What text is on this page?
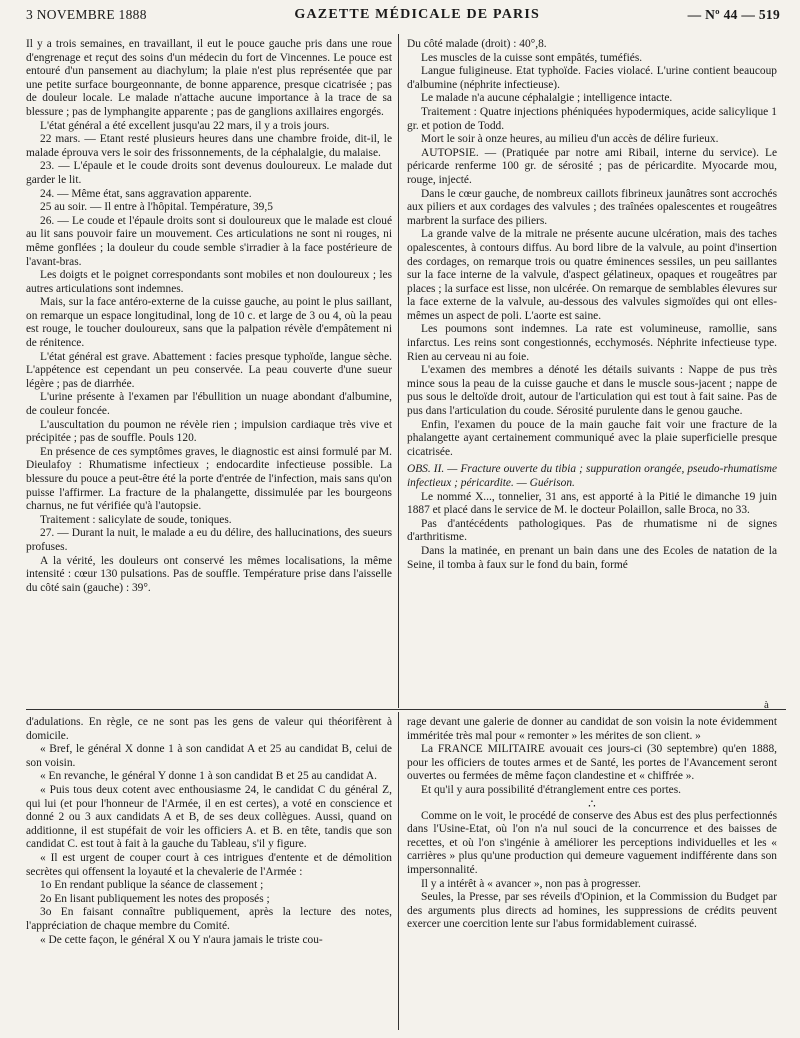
3 NOVEMBRE 1888	GAZETTE MÉDICALE DE PARIS	— Nº 44 — 519

Il y a trois semaines, en travaillant, il eut le pouce gauche pris dans une roue d'engrenage et reçut des soins d'un médecin du fort de Vincennes. Le pouce est entouré d'un pansement au diachylum; la plaie n'est plus représentée que par une petite surface bourgeonnante, de bonne apparence, presque cicatrisée ; pas de douleur locale. Le malade n'attache aucune importance à la trace de sa blessure ; pas de lymphangite apparente ; pas de ganglions axillaires engorgés.

L'état général a été excellent jusqu'au 22 mars, il y a trois jours.

22 mars. — Etant resté plusieurs heures dans une chambre froide, dit-il, le malade éprouva vers le soir des frissonnements, de la céphalalgie, du malaise.

23. — L'épaule et le coude droits sont devenus douloureux. Le malade dut garder le lit.

24. — Même état, sans aggravation apparente.

25 au soir. — Il entre à l'hôpital. Température, 39,5

26. — Le coude et l'épaule droits sont si douloureux que le malade est cloué au lit sans pouvoir faire un mouvement. Ces articulations ne sont ni rouges, ni même gonflées ; la douleur du coude semble s'irradier à la face postérieure de l'avant-bras.

Les doigts et le poignet correspondants sont mobiles et non douloureux ; les autres articulations sont indemnes.

Mais, sur la face antéro-externe de la cuisse gauche, au point le plus saillant, on remarque un espace longitudinal, long de 10 c. et large de 3 ou 4, où la peau est rouge, le toucher douloureux, sans que la palpation révèle d'empâtement ni de rénitence.

L'état général est grave. Abattement : facies presque typhoïde, langue sèche. L'appétence est cependant un peu conservée. La peau couverte d'une sueur légère ; pas de diarrhée.

L'urine présente à l'examen par l'ébullition un nuage abondant d'albumine, de couleur foncée.

L'auscultation du poumon ne révèle rien ; impulsion cardiaque très vive et précipitée ; pas de souffle. Pouls 120.

En présence de ces symptômes graves, le diagnostic est ainsi formulé par M. Dieulafoy : Rhumatisme infectieux ; endocardite infectieuse possible. La blessure du pouce a peut-être été la porte d'entrée de l'infection, mais sans qu'on puisse l'affirmer. La fracture de la phalangette, dissimulée par les bourgeons charnus, ne fut vérifiée qu'à l'autopsie.

Traitement : salicylate de soude, toniques.

27. — Durant la nuit, le malade a eu du délire, des hallucinations, des sueurs profuses.

A la vérité, les douleurs ont conservé les mêmes localisations, la même intensité : cœur 130 pulsations. Pas de souffle. Température prise dans l'aisselle du côté sain (gauche) : 39°.

Du côté malade (droit) : 40°,8.

Les muscles de la cuisse sont empâtés, tuméfiés.

Langue fuligineuse. Etat typhoïde. Facies violacé. L'urine contient beaucoup d'albumine (néphrite infectieuse).

Le malade n'a aucune céphalalgie ; intelligence intacte.

Traitement : Quatre injections phéniquées hypodermiques, acide salicylique 1 gr. et potion de Todd.

Mort le soir à onze heures, au milieu d'un accès de délire furieux.

AUTOPSIE. — (Pratiquée par notre ami Ribail, interne du service). Le péricarde renferme 100 gr. de sérosité ; pas de péricardite. Myocarde mou, rouge, injecté.

Dans le cœur gauche, de nombreux caillots fibrineux jaunâtres sont accrochés aux piliers et aux cordages des valvules ; des traînées opalescentes et rougeâtres marbrent la surface des piliers.

La grande valve de la mitrale ne présente aucune ulcération, mais des taches opalescentes, à contours diffus. Au bord libre de la valvule, au point d'insertion des cordages, on remarque trois ou quatre éminences sessiles, un peu saillantes sur la face interne de la valvule, d'aspect gélatineux, opaques et rougeâtres par places ; la surface est lisse, non ulcérée. On remarque de semblables élevures sur la face externe de la valvule, au-dessous des valvules sigmoïdes qui ont elles-mêmes un aspect de poli. L'aorte est saine.

Les poumons sont indemnes. La rate est volumineuse, ramollie, sans infarctus. Les reins sont congestionnés, ecchymosés. Néphrite infectieuse type. Rien au cerveau ni au foie.

L'examen des membres a dénoté les détails suivants : Nappe de pus très mince sous la peau de la cuisse gauche et dans le muscle sous-jacent ; nappe de pus sous le deltoïde droit, autour de l'articulation qui est tout à fait saine. Pas de pus dans l'articulation du coude. Sérosité purulente dans le genou gauche.

Enfin, l'examen du pouce de la main gauche fait voir une fracture de la phalangette ayant certainement communiqué avec la plaie superficielle presque cicatrisée.

OBS. II. — Fracture ouverte du tibia ; suppuration orangée, pseudo-rhumatisme infectieux ; péricardite. — Guérison.

Le nommé X..., tonnelier, 31 ans, est apporté à la Pitié le dimanche 19 juin 1887 et placé dans le service de M. le docteur Polaillon, salle Broca, no 33.

Pas d'antécédents pathologiques. Pas de rhumatisme ni de signes d'arthritisme.

Dans la matinée, en prenant un bain dans une des Ecoles de natation de la Seine, il tomba à faux sur le fond du bain, formé

à

d'adulations. En règle, ce ne sont pas les gens de valeur qui théorifèrent à domicile.

« Bref, le général X donne 1 à son candidat A et 25 au candidat B, celui de son voisin.

« En revanche, le général Y donne 1 à son candidat B et 25 au candidat A.

« Puis tous deux cotent avec enthousiasme 24, le candidat C du général Z, qui lui (et pour l'honneur de l'Armée, il en est certes), a voté en conscience et donné 2 ou 3 aux candidats A et B, de ses deux collègues. Aussi, quand on additionne, il est stupéfait de voir les officiers A. et B. en tête, tandis que son candidat C. est tout à fait à la gauche du Tableau, s'il y figure.

« Il est urgent de couper court à ces intrigues d'entente et de démolition secrètes qui offensent la loyauté et la chevalerie de l'Armée :

1o En rendant publique la séance de classement ;

2o En lisant publiquement les notes des proposés ;

3o En faisant connaître publiquement, après la lecture des notes, l'appréciation de chaque membre du Comité.

« De cette façon, le général X ou Y n'aura jamais le triste cou-

rage devant une galerie de donner au candidat de son voisin la note évidemment imméritée très mal pour « remonter » les mérites de son client. »

La FRANCE MILITAIRE avouait ces jours-ci (30 septembre) qu'en 1888, pour les officiers de toutes armes et de Santé, les portes de l'Avancement seront ouvertes ou fermées de même façon clandestine et « chiffrée ».

Et qu'il y aura possibilité d'étranglement entre ces portes.

∴

Comme on le voit, le procédé de conserve des Abus est des plus perfectionnés dans l'Usine-Etat, où l'on n'a nul souci de la concurrence et des baisses de recettes, et où l'on s'ingénie à améliorer les perceptions individuelles et les « carrières » plus qu'une production qui demeure vaguement indifférente dans son impersonnalité.

Il y a intérêt à « avancer », non pas à progresser.

Seules, la Presse, par ses réveils d'Opinion, et la Commission du Budget par des arguments plus directs ad homines, les suppressions de crédits peuvent exercer une coercition lente sur l'abus formidablement cuirassé.
